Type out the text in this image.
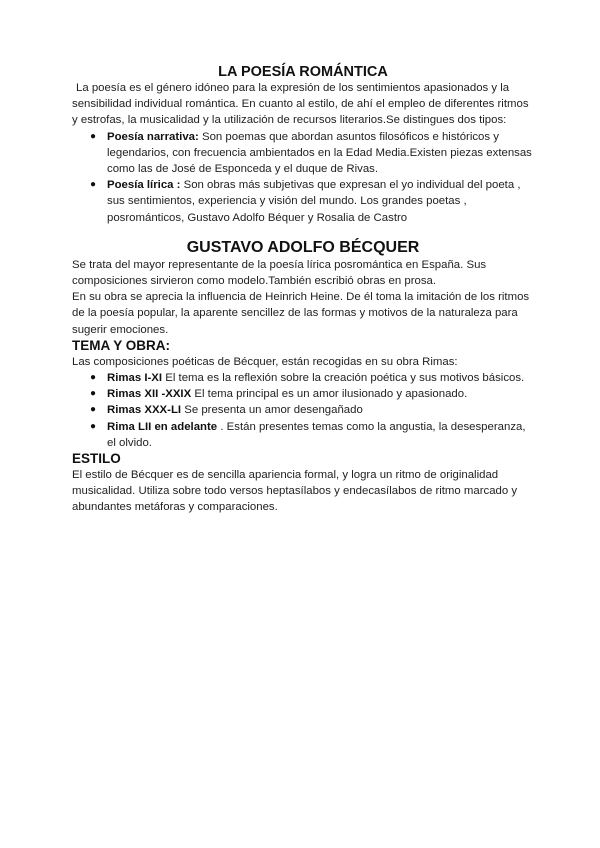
LA POESÍA ROMÁNTICA

La poesía es el género idóneo para la expresión de los sentimientos apasionados y la sensibilidad individual romántica. En cuanto al estilo, de ahí el empleo de diferentes ritmos y estrofas, la musicalidad y la utilización de recursos literarios.Se distingues dos tipos:

● Poesía narrativa: Son poemas que abordan asuntos filosóficos e históricos y legendarios, con frecuencia ambientados en la Edad Media.Existen piezas extensas como las de José de Esponceda y el duque de Rivas.
● Poesía lírica : Son obras más subjetivas que expresan el yo individual del poeta , sus sentimientos, experiencia y visión del mundo. Los grandes poetas , posrománticos, Gustavo Adolfo Béquer y Rosalia de Castro
GUSTAVO ADOLFO BÉCQUER

Se trata del mayor representante de la poesía lírica posromántica en España. Sus composiciones sirvieron como modelo.También escribió obras en prosa.

En su obra se aprecia la influencia de Heinrich Heine. De él toma la imitación de los ritmos de la poesía popular, la aparente sencillez de las formas y motivos de la naturaleza para sugerir emociones.

TEMA Y OBRA:

Las composiciones poéticas de Bécquer, están recogidas en su obra Rimas:

● Rimas I-XI El tema es la reflexión sobre la creación poética y sus motivos básicos.
● Rimas XII -XXIX El tema principal es un amor ilusionado y apasionado.
● Rimas XXX-LI Se presenta un amor desengañado
● Rima LII en adelante . Están presentes temas como la angustia, la desesperanza, el olvido.
ESTILO

El estilo de Bécquer es de sencilla apariencia formal, y logra un ritmo de originalidad musicalidad. Utiliza sobre todo versos heptasílabos y endecasílabos de ritmo marcado y abundantes metáforas y comparaciones.
